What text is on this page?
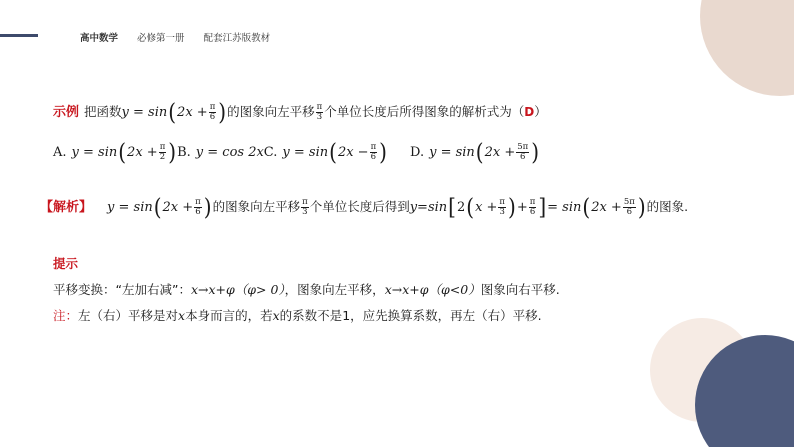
高中数学 必修第一册 配套江苏版教材
示例 把函数 y = sin ( $2x + \frac{\pi}{6}$ ) 的图象向左平移 $\frac{\pi}{3}$ 个单位长度后所得图象的解析式为（ D ）
A. y = sin ( $2x + \frac{\pi}{2}$ ) B. y = cos 2x C. y = sin ( $2x - \frac{\pi}{6}$ ) D. y = sin ( $2x + \frac{5\pi}{6}$ )
【解析】 y = sin ( $2x + \frac{\pi}{6}$ ) 的图象向左平移 $\frac{\pi}{3}$ 个单位长度后得到 y=sin [ 2 ( $x + \frac{\pi}{3}$ ) + $\frac{\pi}{6}$ ] = sin ( $2x + \frac{5\pi}{6}$ ) 的图象.
提示
平移变换：“左加右减”：x→x+φ（φ> 0），图象向左平移，x→x+φ（φ<0）图象向右平移.
注：左（右）平移是对x本身而言的，若x的系数不是1，应先换算系数，再左（右）平移.
